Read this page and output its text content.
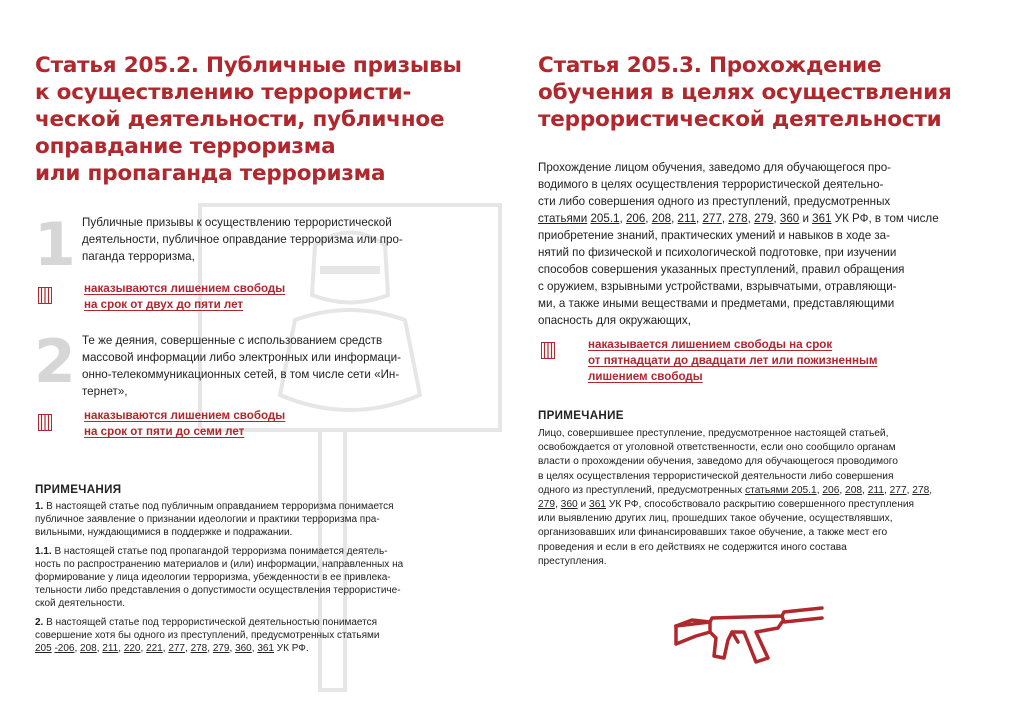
Статья 205.2. Публичные призывы
к осуществлению террористи-
ческой деятельности, публичное
оправдание терроризма
или пропаганда терроризма
1 Публичные призывы к осуществлению террористической
деятельности, публичное оправдание терроризма или про-
паганда терроризма,
наказываются лишением свободы
на срок от двух до пяти лет
2 Те же деяния, совершенные с использованием средств
массовой информации либо электронных или информаци-
онно-телекоммуникационных сетей, в том числе сети «Ин-
тернет»,
наказываются лишением свободы
на срок от пяти до семи лет
ПРИМЕЧАНИЯ

1. В настоящей статье под публичным оправданием терроризма понимается
публичное заявление о признании идеологии и практики терроризма пра-
вильными, нуждающимися в поддержке и подражании.

1.1. В настоящей статье под пропагандой терроризма понимается деятель-
ность по распространению материалов и (или) информации, направленных на
формирование у лица идеологии терроризма, убежденности в ее привлека-
тельности либо представления о допустимости осуществления террористиче-
ской деятельности.

2. В настоящей статье под террористической деятельностью понимается
совершение хотя бы одного из преступлений, предусмотренных статьями
205 -206, 208, 211, 220, 221, 277, 278, 279, 360, 361 УК РФ.

Статья 205.3. Прохождение
обучения в целях осуществления
террористической деятельности
Прохождение лицом обучения, заведомо для обучающегося про-
водимого в целях осуществления террористической деятельно-
сти либо совершения одного из преступлений, предусмотренных
статьями 205.1, 206, 208, 211, 277, 278, 279, 360 и 361 УК РФ, в том числе
приобретение знаний, практических умений и навыков в ходе за-
нятий по физической и психологической подготовке, при изучении
способов совершения указанных преступлений, правил обращения
с оружием, взрывными устройствами, взрывчатыми, отравляющи-
ми, а также иными веществами и предметами, представляющими
опасность для окружающих,
наказывается лишением свободы на срок
от пятнадцати до двадцати лет или пожизненным
лишением свободы
ПРИМЕЧАНИЕ
Лицо, совершившее преступление, предусмотренное настоящей статьей,
освобождается от уголовной ответственности, если оно сообщило органам
власти о прохождении обучения, заведомо для обучающегося проводимого
в целях осуществления террористической деятельности либо совершения
одного из преступлений, предусмотренных статьями 205.1, 206, 208, 211, 277, 278,
279, 360 и 361 УК РФ, способствовало раскрытию совершенного преступления
или выявлению других лиц, прошедших такое обучение, осуществлявших,
организовавших или финансировавших такое обучение, а также мест его
проведения и если в его действиях не содержится иного состава
преступления.
